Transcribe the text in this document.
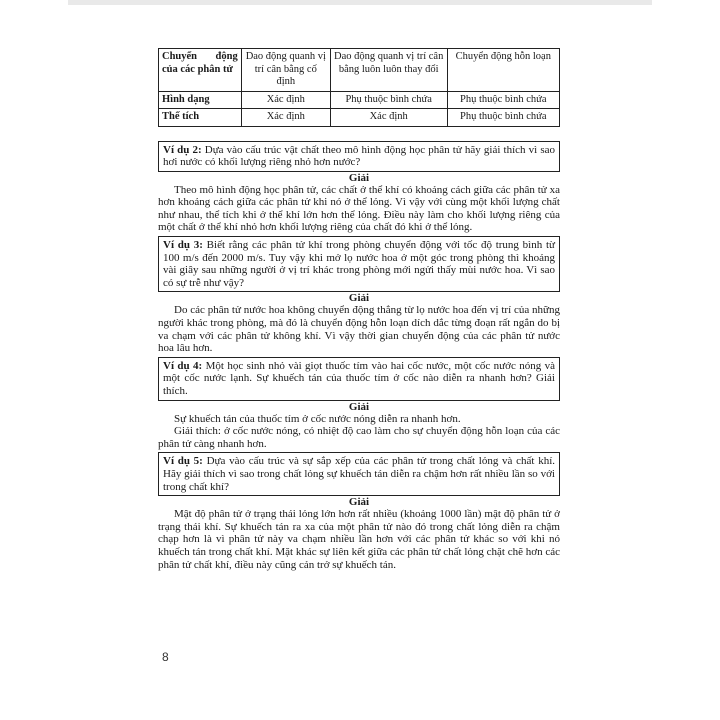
Chuyển động của các phân tử	Dao động quanh vị trí cân bằng cố định	Dao động quanh vị trí cân bằng luôn luôn thay đổi	Chuyển động hỗn loạn
Hình dạng	Xác định	Phụ thuộc bình chứa	Phụ thuộc bình chứa
Thể tích	Xác định	Xác định	Phụ thuộc bình chứa
Ví dụ 2: Dựa vào cấu trúc vật chất theo mô hình động học phân tử hãy giải thích vì sao hơi nước có khối lượng riêng nhỏ hơn nước?

Giải

Theo mô hình động học phân tử, các chất ở thể khí có khoảng cách giữa các phân tử xa hơn khoảng cách giữa các phân tử khi nó ở thể lỏng. Vì vậy với cùng một khối lượng chất như nhau, thể tích khi ở thể khí lớn hơn thể lỏng. Điều này làm cho khối lượng riêng của một chất ở thể khí nhỏ hơn khối lượng riêng của chất đó khi ở thể lỏng.

Ví dụ 3: Biết rằng các phân tử khí trong phòng chuyển động với tốc độ trung bình từ 100 m/s đến 2000 m/s. Tuy vậy khi mở lọ nước hoa ở một góc trong phòng thì khoảng vài giây sau những người ở vị trí khác trong phòng mới ngửi thấy mùi nước hoa. Vì sao có sự trễ như vậy?

Giải

Do các phân tử nước hoa không chuyển động thẳng từ lọ nước hoa đến vị trí của những người khác trong phòng, mà đó là chuyển động hỗn loạn dích dắc từng đoạn rất ngắn do bị va chạm với các phân tử không khí. Vì vậy thời gian chuyển động của các phân tử nước hoa lâu hơn.

Ví dụ 4: Một học sinh nhỏ vài giọt thuốc tím vào hai cốc nước, một cốc nước nóng và một cốc nước lạnh. Sự khuếch tán của thuốc tím ở cốc nào diễn ra nhanh hơn? Giải thích.

Giải

Sự khuếch tán của thuốc tím ở cốc nước nóng diễn ra nhanh hơn.

Giải thích: ở cốc nước nóng, có nhiệt độ cao làm cho sự chuyển động hỗn loạn của các phân tử càng nhanh hơn.

Ví dụ 5: Dựa vào cấu trúc và sự sắp xếp của các phân tử trong chất lỏng và chất khí. Hãy giải thích vì sao trong chất lỏng sự khuếch tán diễn ra chậm hơn rất nhiều lần so với trong chất khí?

Giải

Mật độ phân tử ở trạng thái lỏng lớn hơn rất nhiều (khoảng 1000 lần) mật độ phân tử ở trạng thái khí. Sự khuếch tán ra xa của một phân tử nào đó trong chất lỏng diễn ra chậm chạp hơn là vì phân tử này va chạm nhiều lần hơn với các phân tử khác so với khi nó khuếch tán trong chất khí. Mặt khác sự liên kết giữa các phân tử chất lỏng chặt chẽ hơn các phân tử chất khí, điều này cũng cản trở sự khuếch tán.

8
